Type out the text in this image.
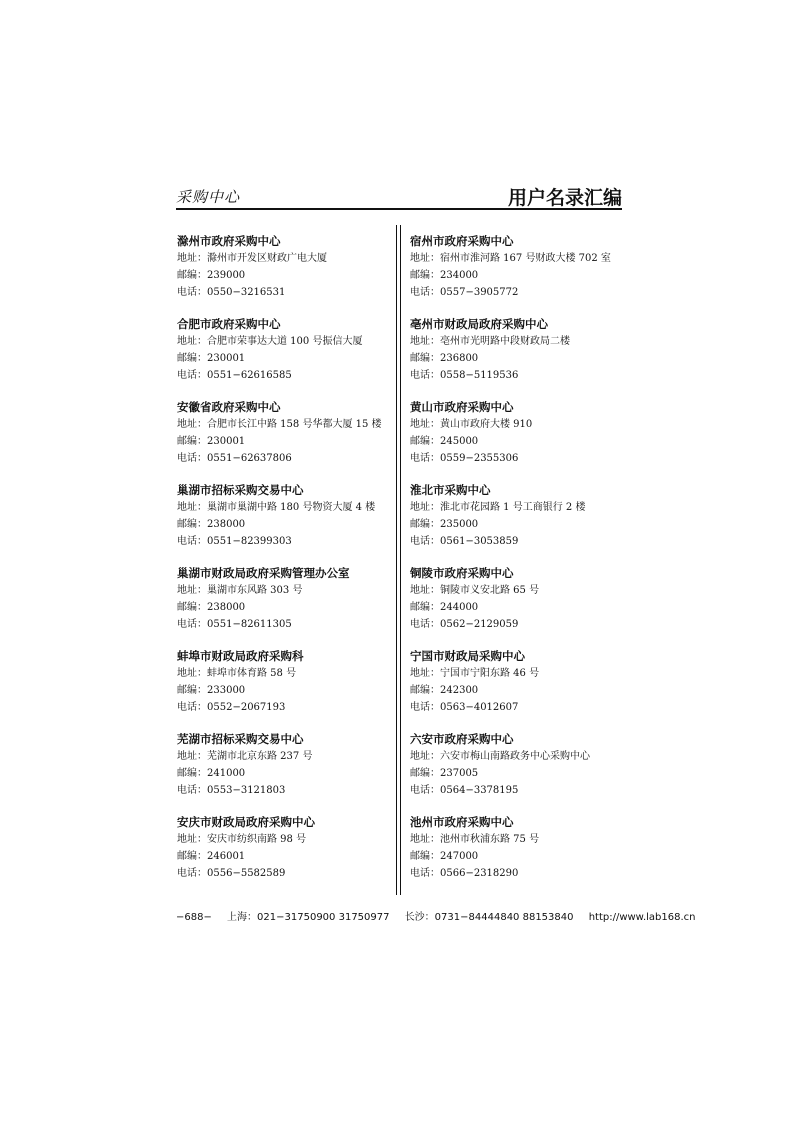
采购中心	用户名录汇编
滁州市政府采购中心
地址：滁州市开发区财政广电大厦
邮编：239000
电话：0550−3216531
合肥市政府采购中心
地址：合肥市荣事达大道 100 号振信大厦
邮编：230001
电话：0551−62616585
安徽省政府采购中心
地址：合肥市长江中路 158 号华都大厦 15 楼
邮编：230001
电话：0551−62637806
巢湖市招标采购交易中心
地址：巢湖市巢湖中路 180 号物资大厦 4 楼
邮编：238000
电话：0551−82399303
巢湖市财政局政府采购管理办公室
地址：巢湖市东风路 303 号
邮编：238000
电话：0551−82611305
蚌埠市财政局政府采购科
地址：蚌埠市体育路 58 号
邮编：233000
电话：0552−2067193
芜湖市招标采购交易中心
地址：芜湖市北京东路 237 号
邮编：241000
电话：0553−3121803
安庆市财政局政府采购中心
地址：安庆市纺织南路 98 号
邮编：246001
电话：0556−5582589
宿州市政府采购中心
地址：宿州市淮河路 167 号财政大楼 702 室
邮编：234000
电话：0557−3905772
亳州市财政局政府采购中心
地址：亳州市光明路中段财政局二楼
邮编：236800
电话：0558−5119536
黄山市政府采购中心
地址：黄山市政府大楼 910
邮编：245000
电话：0559−2355306
淮北市采购中心
地址：淮北市花园路 1 号工商银行 2 楼
邮编：235000
电话：0561−3053859
铜陵市政府采购中心
地址：铜陵市义安北路 65 号
邮编：244000
电话：0562−2129059
宁国市财政局采购中心
地址：宁国市宁阳东路 46 号
邮编：242300
电话：0563−4012607
六安市政府采购中心
地址：六安市梅山南路政务中心采购中心
邮编：237005
电话：0564−3378195
池州市政府采购中心
地址：池州市秋浦东路 75 号
邮编：247000
电话：0566−2318290
−688− 上海：021−31750900 31750977 长沙：0731−84444840 88153840 http://www.lab168.cn
